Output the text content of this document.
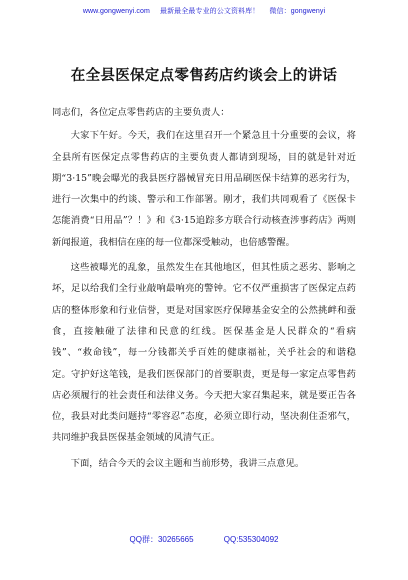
www.gongwenyi.com 最新最全最专业的公文资料库！ 微信：gongwenyi
在全县医保定点零售药店约谈会上的讲话

同志们，各位定点零售药店的主要负责人：

大家下午好。今天，我们在这里召开一个紧急且十分重要的会议，将全县所有医保定点零售药店的主要负责人都请到现场，目的就是针对近期“3·15”晚会曝光的我县医疗器械冒充日用品刷医保卡结算的恶劣行为，进行一次集中的约谈、警示和工作部署。刚才，我们共同观看了《医保卡怎能消费“日用品”？！》和《3·15追踪多方联合行动核查涉事药店》两则新闻报道，我相信在座的每一位都深受触动，也倍感警醒。

这些被曝光的乱象，虽然发生在其他地区，但其性质之恶劣、影响之坏，足以给我们全行业敲响最响亮的警钟。它不仅严重损害了医保定点药店的整体形象和行业信誉，更是对国家医疗保障基金安全的公然挑衅和蚕食，直接触碰了法律和民意的红线。医保基金是人民群众的“看病钱”、“救命钱”，每一分钱都关乎百姓的健康福祉，关乎社会的和谐稳定。守护好这笔钱，是我们医保部门的首要职责，更是每一家定点零售药店必须履行的社会责任和法律义务。今天把大家召集起来，就是要正告各位，我县对此类问题持“零容忍”态度，必须立即行动，坚决刹住歪邪气，共同维护我县医保基金领域的风清气正。

下面，结合今天的会议主题和当前形势，我讲三点意见。

QQ群：30265665	QQ:535304092
